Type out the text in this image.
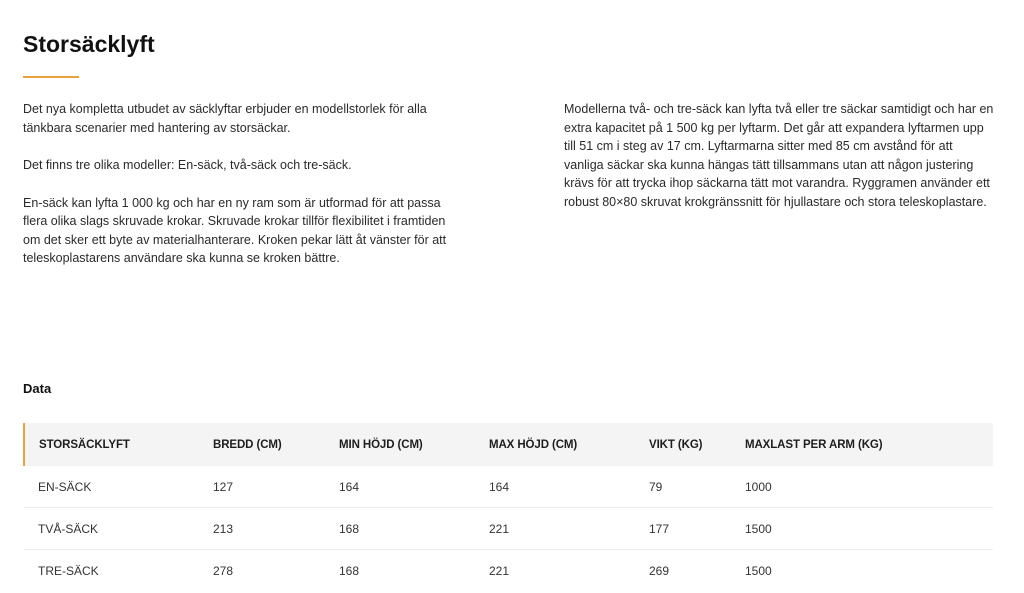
Storsäcklyft

Det nya kompletta utbudet av säcklyftar erbjuder en modellstorlek för alla tänkbara scenarier med hantering av storsäckar.

Det finns tre olika modeller: En-säck, två-säck och tre-säck.

En-säck kan lyfta 1 000 kg och har en ny ram som är utformad för att passa flera olika slags skruvade krokar. Skruvade krokar tillför flexibilitet i framtiden om det sker ett byte av materialhanterare. Kroken pekar lätt åt vänster för att teleskoplastarens användare ska kunna se kroken bättre.

Modellerna två- och tre-säck kan lyfta två eller tre säckar samtidigt och har en extra kapacitet på 1 500 kg per lyftarm. Det går att expandera lyftarmen upp till 51 cm i steg av 17 cm. Lyftarmarna sitter med 85 cm avstånd för att vanliga säckar ska kunna hängas tätt tillsammans utan att någon justering krävs för att trycka ihop säckarna tätt mot varandra. Ryggramen använder ett robust 80×80 skruvat krokgränssnitt för hjullastare och stora teleskoplastare.

Data
STORSÄCKLYFT	BREDD (CM)	MIN HÖJD (CM)	MAX HÖJD (CM)	VIKT (KG)	MAXLAST PER ARM (KG)
EN-SÄCK	127	164	164	79	1000
TVÅ-SÄCK	213	168	221	177	1500
TRE-SÄCK	278	168	221	269	1500
